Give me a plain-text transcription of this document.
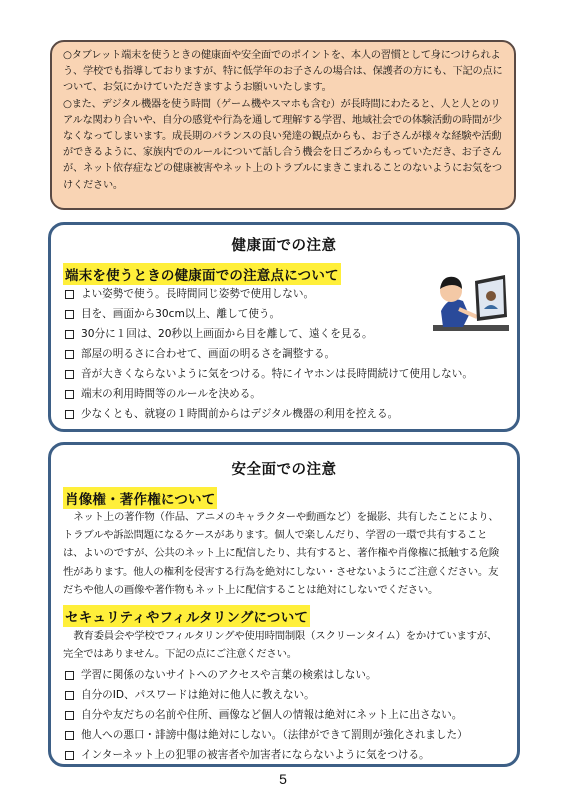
○タブレット端末を使うときの健康面や安全面でのポイントを、本人の習慣として身につけられよう、学校でも指導しておりますが、特に低学年のお子さんの場合は、保護者の方にも、下記の点について、お気にかけていただきますようお願いいたします。

○また、デジタル機器を使う時間（ゲーム機やスマホも含む）が長時間にわたると、人と人とのリアルな関わり合いや、自分の感覚や行為を通して理解する学習、地域社会での体験活動の時間が少なくなってしまいます。成長期のバランスの良い発達の観点からも、お子さんが様々な経験や活動ができるように、家族内でのルールについて話し合う機会を日ごろからもっていただき、お子さんが、ネット依存症などの健康被害やネット上のトラブルにまきこまれることのないようにお気をつけください。

健康面での注意
端末を使うときの健康面での注意点について
よい姿勢で使う。長時間同じ姿勢で使用しない。
目を、画面から30cm以上、離して使う。
30分に１回は、20秒以上画面から目を離して、遠くを見る。
部屋の明るさに合わせて、画面の明るさを調整する。
音が大きくならないように気をつける。特にイヤホンは長時間続けて使用しない。
端末の利用時間等のルールを決める。
少なくとも、就寝の１時間前からはデジタル機器の利用を控える。
安全面での注意
肖像権・著作権について

ネット上の著作物（作品、アニメのキャラクターや動画など）を撮影、共有したことにより、トラブルや訴訟問題になるケースがあります。個人で楽しんだり、学習の一環で共有することは、よいのですが、公共のネット上に配信したり、共有すると、著作権や肖像権に抵触する危険性があります。他人の権利を侵害する行為を絶対にしない・させないようにご注意ください。友だちや他人の画像や著作物もネット上に配信することは絶対にしないでください。

セキュリティやフィルタリングについて

教育委員会や学校でフィルタリングや使用時間制限（スクリーンタイム）をかけていますが、完全ではありません。下記の点にご注意ください。

学習に関係のないサイトへのアクセスや言葉の検索はしない。
自分のID、パスワードは絶対に他人に教えない。
自分や友だちの名前や住所、画像など個人の情報は絶対にネット上に出さない。
他人への悪口・誹謗中傷は絶対にしない。（法律ができて罰則が強化されました）
インターネット上の犯罪の被害者や加害者にならないように気をつける。
5
